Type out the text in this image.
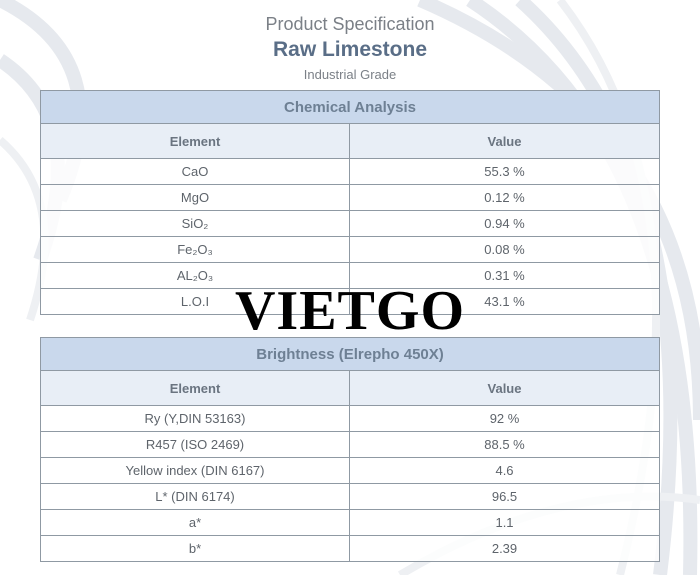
Product Specification
Raw Limestone
Industrial Grade
Chemical Analysis	
Element	Value
CaO	55.3 %
MgO	0.12 %
SiO₂	0.94 %
Fe₂O₃	0.08 %
AL₂O₃	0.31 %
L.O.I	43.1 %
Brightness (Elrepho 450X)	
Element	Value
Ry (Y,DIN 53163)	92 %
R457 (ISO 2469)	88.5 %
Yellow index (DIN 6167)	4.6
L* (DIN 6174)	96.5
a*	1.1
b*	2.39
VIETGO
